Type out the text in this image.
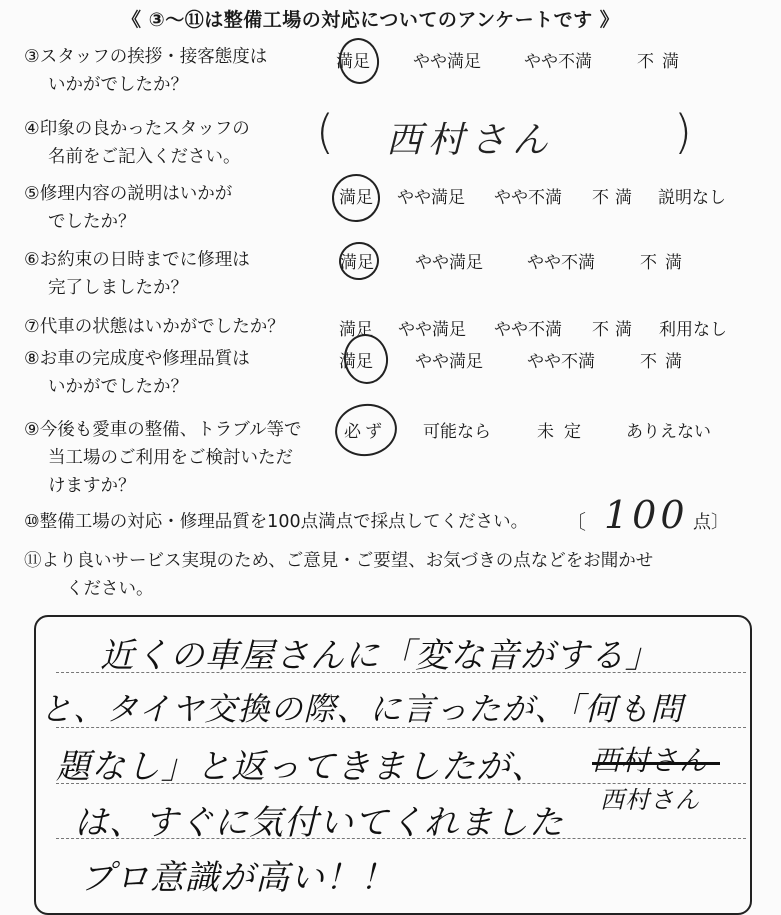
《 ③～⑪は整備工場の対応についてのアンケートです 》
③スタッフの挨拶・接客態度は
いかがでしたか？
満足	やや満足	やや不満	不満
④印象の良かったスタッフの
名前をご記入ください。 ( 西村さん	)
⑤修理内容の説明はいかが
でしたか？
満足 やや満足 やや不満 不満 説明なし
⑥お約束の日時までに修理は
完了しましたか？
満足 やや満足	やや不満	不満
⑦代車の状態はいかがでしたか？	満足 やや満足 やや不満 不満 利用なし
⑧お車の完成度や修理品質は
いかがでしたか？
満足 やや満足	やや不満	不満
⑨今後も愛車の整備、トラブル等で
当工場のご利用をご検討いただ
けますか？
必ず 可能なら	未定 ありえない
⑩整備工場の対応・修理品質を100点満点で採点してください。 〔 100 点〕
⑪より良いサービス実現のため、ご意見・ご要望、お気づきの点などをお聞かせ
ください。
近くの車屋さんに「変な音がする」
と、タイヤ交換の際、に言ったが、「何も問
題なし」と返ってきましたが、 西村さん
西村さん
は、すぐに気付いてくれました
プロ意識が高い！！
